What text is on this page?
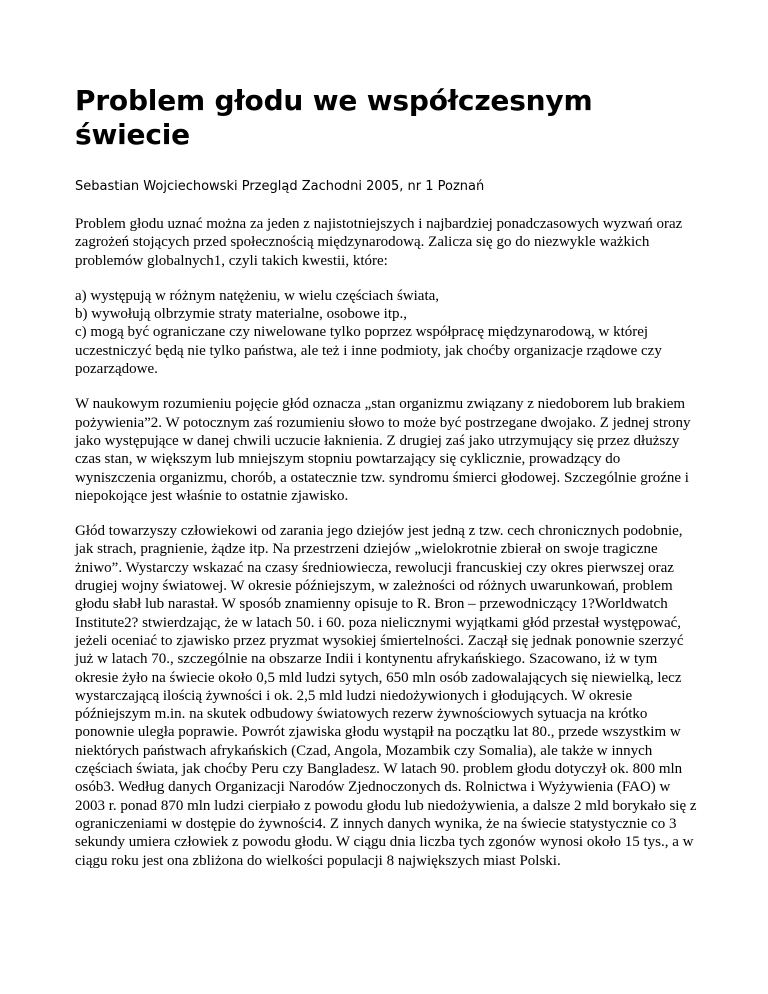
Problem głodu we współczesnym świecie
Sebastian Wojciechowski Przegląd Zachodni 2005, nr 1 Poznań
Problem głodu uznać można za jeden z najistotniejszych i najbardziej ponadczasowych wyzwań oraz zagrożeń stojących przed społecznością międzynarodową. Zalicza się go do niezwykle ważkich problemów globalnych1, czyli takich kwestii, które:
a) występują w różnym natężeniu, w wielu częściach świata,
b) wywołują olbrzymie straty materialne, osobowe itp.,
c) mogą być ograniczane czy niwelowane tylko poprzez współpracę międzynarodową, w której uczestniczyć będą nie tylko państwa, ale też i inne podmioty, jak choćby organizacje rządowe czy pozarządowe.
W naukowym rozumieniu pojęcie głód oznacza „stan organizmu związany z niedoborem lub brakiem pożywienia”2. W potocznym zaś rozumieniu słowo to może być postrzegane dwojako. Z jednej strony jako występujące w danej chwili uczucie łaknienia. Z drugiej zaś jako utrzymujący się przez dłuższy czas stan, w większym lub mniejszym stopniu powtarzający się cyklicznie, prowadzący do wyniszczenia organizmu, chorób, a ostatecznie tzw. syndromu śmierci głodowej. Szczególnie groźne i niepokojące jest właśnie to ostatnie zjawisko.
Głód towarzyszy człowiekowi od zarania jego dziejów jest jedną z tzw. cech chronicznych podobnie, jak strach, pragnienie, żądze itp. Na przestrzeni dziejów „wielokrotnie zbierał on swoje tragiczne żniwo”. Wystarczy wskazać na czasy średniowiecza, rewolucji francuskiej czy okres pierwszej oraz drugiej wojny światowej. W okresie późniejszym, w zależności od różnych uwarunkowań, problem głodu słabł lub narastał. W sposób znamienny opisuje to R. Bron – przewodniczący 1?Worldwatch Institute2? stwierdzając, że w latach 50. i 60. poza nielicznymi wyjątkami głód przestał występować, jeżeli oceniać to zjawisko przez pryzmat wysokiej śmiertelności. Zaczął się jednak ponownie szerzyć już w latach 70., szczególnie na obszarze Indii i kontynentu afrykańskiego. Szacowano, iż w tym okresie żyło na świecie około 0,5 mld ludzi sytych, 650 mln osób zadowalających się niewielką, lecz wystarczającą ilością żywności i ok. 2,5 mld ludzi niedożywionych i głodujących. W okresie późniejszym m.in. na skutek odbudowy światowych rezerw żywnościowych sytuacja na krótko ponownie uległa poprawie. Powrót zjawiska głodu wystąpił na początku lat 80., przede wszystkim w niektórych państwach afrykańskich (Czad, Angola, Mozambik czy Somalia), ale także w innych częściach świata, jak choćby Peru czy Bangladesz. W latach 90. problem głodu dotyczył ok. 800 mln osób3. Według danych Organizacji Narodów Zjednoczonych ds. Rolnictwa i Wyżywienia (FAO) w 2003 r. ponad 870 mln ludzi cierpiało z powodu głodu lub niedożywienia, a dalsze 2 mld borykało się z ograniczeniami w dostępie do żywności4. Z innych danych wynika, że na świecie statystycznie co 3 sekundy umiera człowiek z powodu głodu. W ciągu dnia liczba tych zgonów wynosi około 15 tys., a w ciągu roku jest ona zbliżona do wielkości populacji 8 największych miast Polski.
